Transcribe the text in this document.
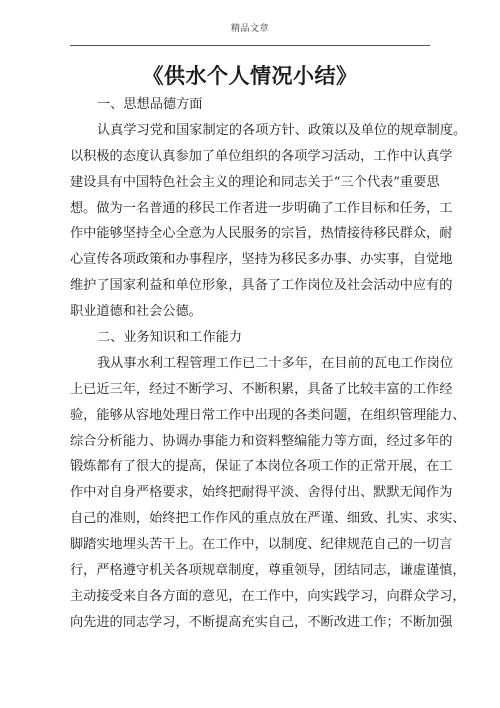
精品文章
《供水个人情况小结》
一、思想品德方面
认真学习党和国家制定的各项方针、政策以及单位的规章制度。
以积极的态度认真参加了单位组织的各项学习活动，工作中认真学
建设具有中国特色社会主义的理论和同志关于“三个代表”重要思
想。做为一名普通的移民工作者进一步明确了工作目标和任务，工
作中能够坚持全心全意为人民服务的宗旨，热情接待移民群众，耐
心宣传各项政策和办事程序，坚持为移民多办事、办实事，自觉地
维护了国家利益和单位形象，具备了工作岗位及社会活动中应有的
职业道德和社会公德。
二、业务知识和工作能力
我从事水利工程管理工作已二十多年，在目前的瓦电工作岗位
上已近三年，经过不断学习、不断积累，具备了比较丰富的工作经
验，能够从容地处理日常工作中出现的各类问题，在组织管理能力、
综合分析能力、协调办事能力和资料整编能力等方面，经过多年的
锻炼都有了很大的提高，保证了本岗位各项工作的正常开展，在工
作中对自身严格要求，始终把耐得平淡、舍得付出、默默无闻作为
自己的准则，始终把工作作风的重点放在严谨、细致、扎实、求实、
脚踏实地埋头苦干上。在工作中，以制度、纪律规范自己的一切言
行，严格遵守机关各项规章制度，尊重领导，团结同志，谦虚谨慎，
主动接受来自各方面的意见，在工作中，向实践学习，向群众学习，
向先进的同志学习，不断提高充实自己，不断改进工作；不断加强
